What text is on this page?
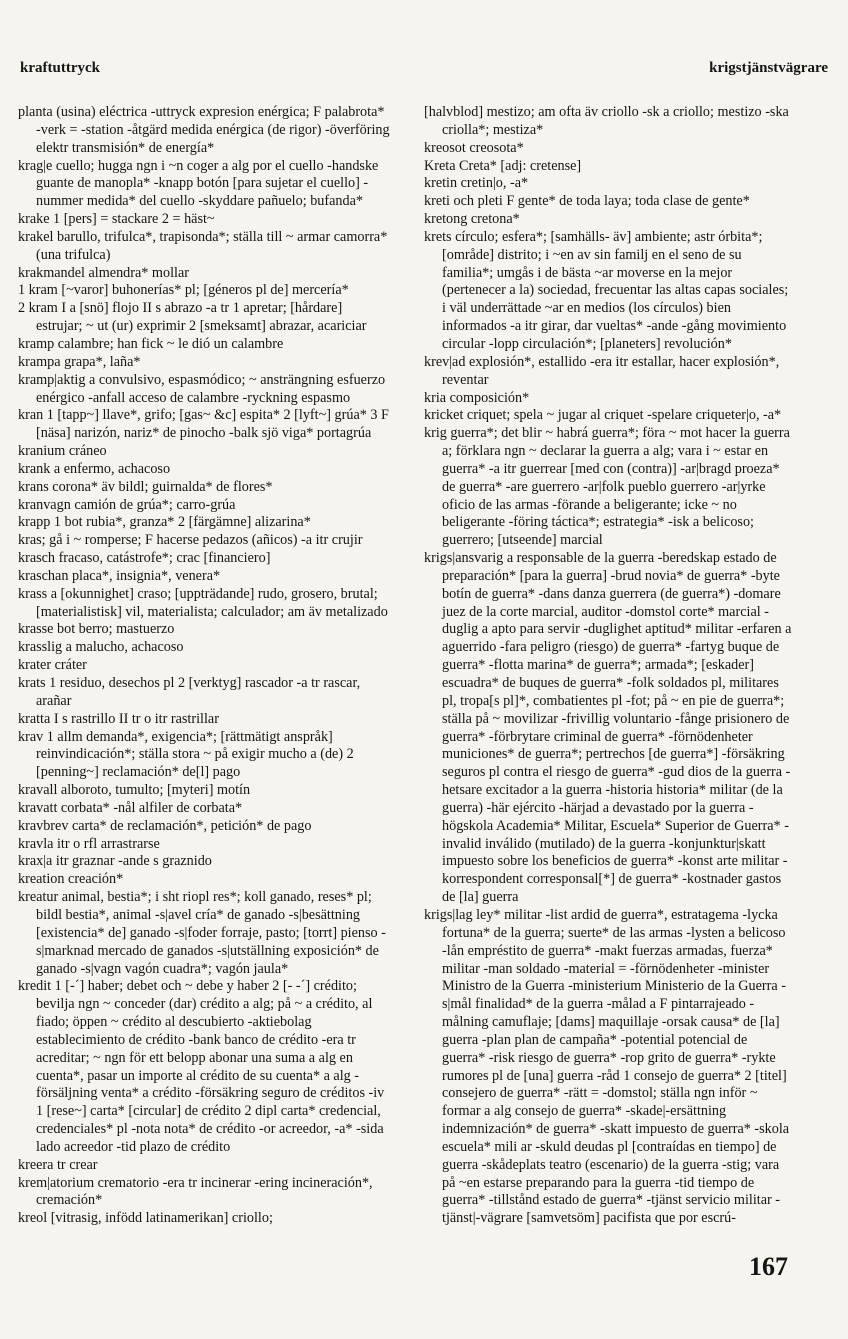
kraftuttryck	krigstjänstvägrare

planta (usina) eléctrica -uttryck expresion enérgica; F palabrota* -verk = -station -åtgärd medida enérgica (de rigor) -överföring elektr transmisión* de energía*

krag|e cuello; hugga ngn i ~n coger a alg por el cuello -handske guante de manopla* -knapp botón [para sujetar el cuello] -nummer medida* del cuello -skyddare pañuelo; bufanda*

krake 1 [pers] = stackare 2 = häst~

krakel barullo, trifulca*, trapisonda*; ställa till ~ armar camorra* (una trifulca)

krakmandel almendra* mollar

1 kram [~varor] buhonerías* pl; [géneros pl de] mercería*

2 kram I a [snö] flojo II s abrazo -a tr 1 apretar; [hårdare] estrujar; ~ ut (ur) exprimir 2 [smeksamt] abrazar, acariciar

kramp calambre; han fick ~ le dió un calambre

krampa grapa*, laña*

kramp|aktig a convulsivo, espasmódico; ~ ansträngning esfuerzo enérgico -anfall acceso de calambre -ryckning espasmo

kran 1 [tapp~] llave*, grifo; [gas~ &c] espita* 2 [lyft~] grúa* 3 F [näsa] narizón, nariz* de pinocho -balk sjö viga* portagrúa

kranium cráneo

krank a enfermo, achacoso

krans corona* äv bildl; guirnalda* de flores*

kranvagn camión de grúa*; carro-grúa

krapp 1 bot rubia*, granza* 2 [färgämne] alizarina*

kras; gå i ~ romperse; F hacerse pedazos (añicos) -a itr crujir

krasch fracaso, catástrofe*; crac [financiero]

kraschan placa*, insignia*, venera*

krass a [okunnighet] craso; [uppträdande] rudo, grosero, brutal; [materialistisk] vil, materialista; calculador; am äv metalizado

krasse bot berro; mastuerzo

krasslig a malucho, achacoso

krater cráter

krats 1 residuo, desechos pl 2 [verktyg] rascador -a tr rascar, arañar

kratta I s rastrillo II tr o itr rastrillar

krav 1 allm demanda*, exigencia*; [rättmätigt anspråk] reinvindicación*; ställa stora ~ på exigir mucho a (de) 2 [penning~] reclamación* de[l] pago

kravall alboroto, tumulto; [myteri] motín

kravatt corbata* -nål alfiler de corbata*

kravbrev carta* de reclamación*, petición* de pago

kravla itr o rfl arrastrarse

krax|a itr graznar -ande s graznido

kreation creación*

kreatur animal, bestia*; i sht riopl res*; koll ganado, reses* pl; bildl bestia*, animal -s|avel cría* de ganado -s|besättning [existencia* de] ganado -s|foder forraje, pasto; [torrt] pienso -s|marknad mercado de ganados -s|utställning exposición* de ganado -s|vagn vagón cuadra*; vagón jaula*

kredit 1 [-´] haber; debet och ~ debe y haber 2 [- -´] crédito; bevilja ngn ~ conceder (dar) crédito a alg; på ~ a crédito, al fiado; öppen ~ crédito al descubierto -aktiebolag establecimiento de crédito -bank banco de crédito -era tr acreditar; ~ ngn för ett belopp abonar una suma a alg en cuenta*, pasar un importe al crédito de su cuenta* a alg -försäljning venta* a crédito -försäkring seguro de créditos -iv 1 [rese~] carta* [circular] de crédito 2 dipl carta* credencial, credenciales* pl -nota nota* de crédito -or acreedor, -a* -sida lado acreedor -tid plazo de crédito

kreera tr crear

krem|atorium crematorio -era tr incinerar -ering incineración*, cremación*

kreol [vitrasig, infödd latinamerikan] criollo;

[halvblod] mestizo; am ofta äv criollo -sk a criollo; mestizo -ska criolla*; mestiza*

kreosot creosota*

Kreta Creta* [adj: cretense]

kretin cretin|o, -a*

kreti och pleti F gente* de toda laya; toda clase de gente*

kretong cretona*

krets círculo; esfera*; [samhälls- äv] ambiente; astr órbita*; [område] distrito; i ~en av sin familj en el seno de su familia*; umgås i de bästa ~ar moverse en la mejor (pertenecer a la) sociedad, frecuentar las altas capas sociales; i väl underrättade ~ar en medios (los círculos) bien informados -a itr girar, dar vueltas* -ande -gång movimiento circular -lopp circulación*; [planeters] revolución*

krev|ad explosión*, estallido -era itr estallar, hacer explosión*, reventar

kria composición*

kricket criquet; spela ~ jugar al criquet -spelare criqueter|o, -a*

krig guerra*; det blir ~ habrá guerra*; föra ~ mot hacer la guerra a; förklara ngn ~ declarar la guerra a alg; vara i ~ estar en guerra* -a itr guerrear [med con (contra)] -ar|bragd proeza* de guerra* -are guerrero -ar|folk pueblo guerrero -ar|yrke oficio de las armas -förande a beligerante; icke ~ no beligerante -föring táctica*; estrategia* -isk a belicoso; guerrero; [utseende] marcial

krigs|ansvarig a responsable de la guerra -beredskap estado de preparación* [para la guerra] -brud novia* de guerra* -byte botín de guerra* -dans danza guerrera (de guerra*) -domare juez de la corte marcial, auditor -domstol corte* marcial -duglig a apto para servir -duglighet aptitud* militar -erfaren a aguerrido -fara peligro (riesgo) de guerra* -fartyg buque de guerra* -flotta marina* de guerra*; armada*; [eskader] escuadra* de buques de guerra* -folk soldados pl, militares pl, tropa[s pl]*, combatientes pl -fot; på ~ en pie de guerra*; ställa på ~ movilizar -frivillig voluntario -fånge prisionero de guerra* -förbrytare criminal de guerra* -förnödenheter municiones* de guerra*; pertrechos [de guerra*] -försäkring seguros pl contra el riesgo de guerra* -gud dios de la guerra -hetsare excitador a la guerra -historia historia* militar (de la guerra) -här ejército -härjad a devastado por la guerra -högskola Academia* Militar, Escuela* Superior de Guerra* -invalid inválido (mutilado) de la guerra -konjunktur|skatt impuesto sobre los beneficios de guerra* -konst arte militar -korrespondent corresponsal[*] de guerra* -kostnader gastos de [la] guerra

krigs|lag ley* militar -list ardid de guerra*, estratagema -lycka fortuna* de la guerra; suerte* de las armas -lysten a belicoso -lån empréstito de guerra* -makt fuerzas armadas, fuerza* militar -man soldado -material = -förnödenheter -minister Ministro de la Guerra -ministerium Ministerio de la Guerra -s|mål finalidad* de la guerra -målad a F pintarrajeado -målning camuflaje; [dams] maquillaje -orsak causa* de [la] guerra -plan plan de campaña* -potential potencial de guerra* -risk riesgo de guerra* -rop grito de guerra* -rykte rumores pl de [una] guerra -råd 1 consejo de guerra* 2 [titel] consejero de guerra* -rätt = -domstol; ställa ngn inför ~ formar a alg consejo de guerra* -skade|-ersättning indemnización* de guerra* -skatt impuesto de guerra* -skola escuela* mili ar -skuld deudas pl [contraídas en tiempo] de guerra -skådeplats teatro (escenario) de la guerra -stig; vara på ~en estarse preparando para la guerra -tid tiempo de guerra* -tillstånd estado de guerra* -tjänst servicio militar -tjänst|-vägrare [samvetsöm] pacifista que por escrú-

167
